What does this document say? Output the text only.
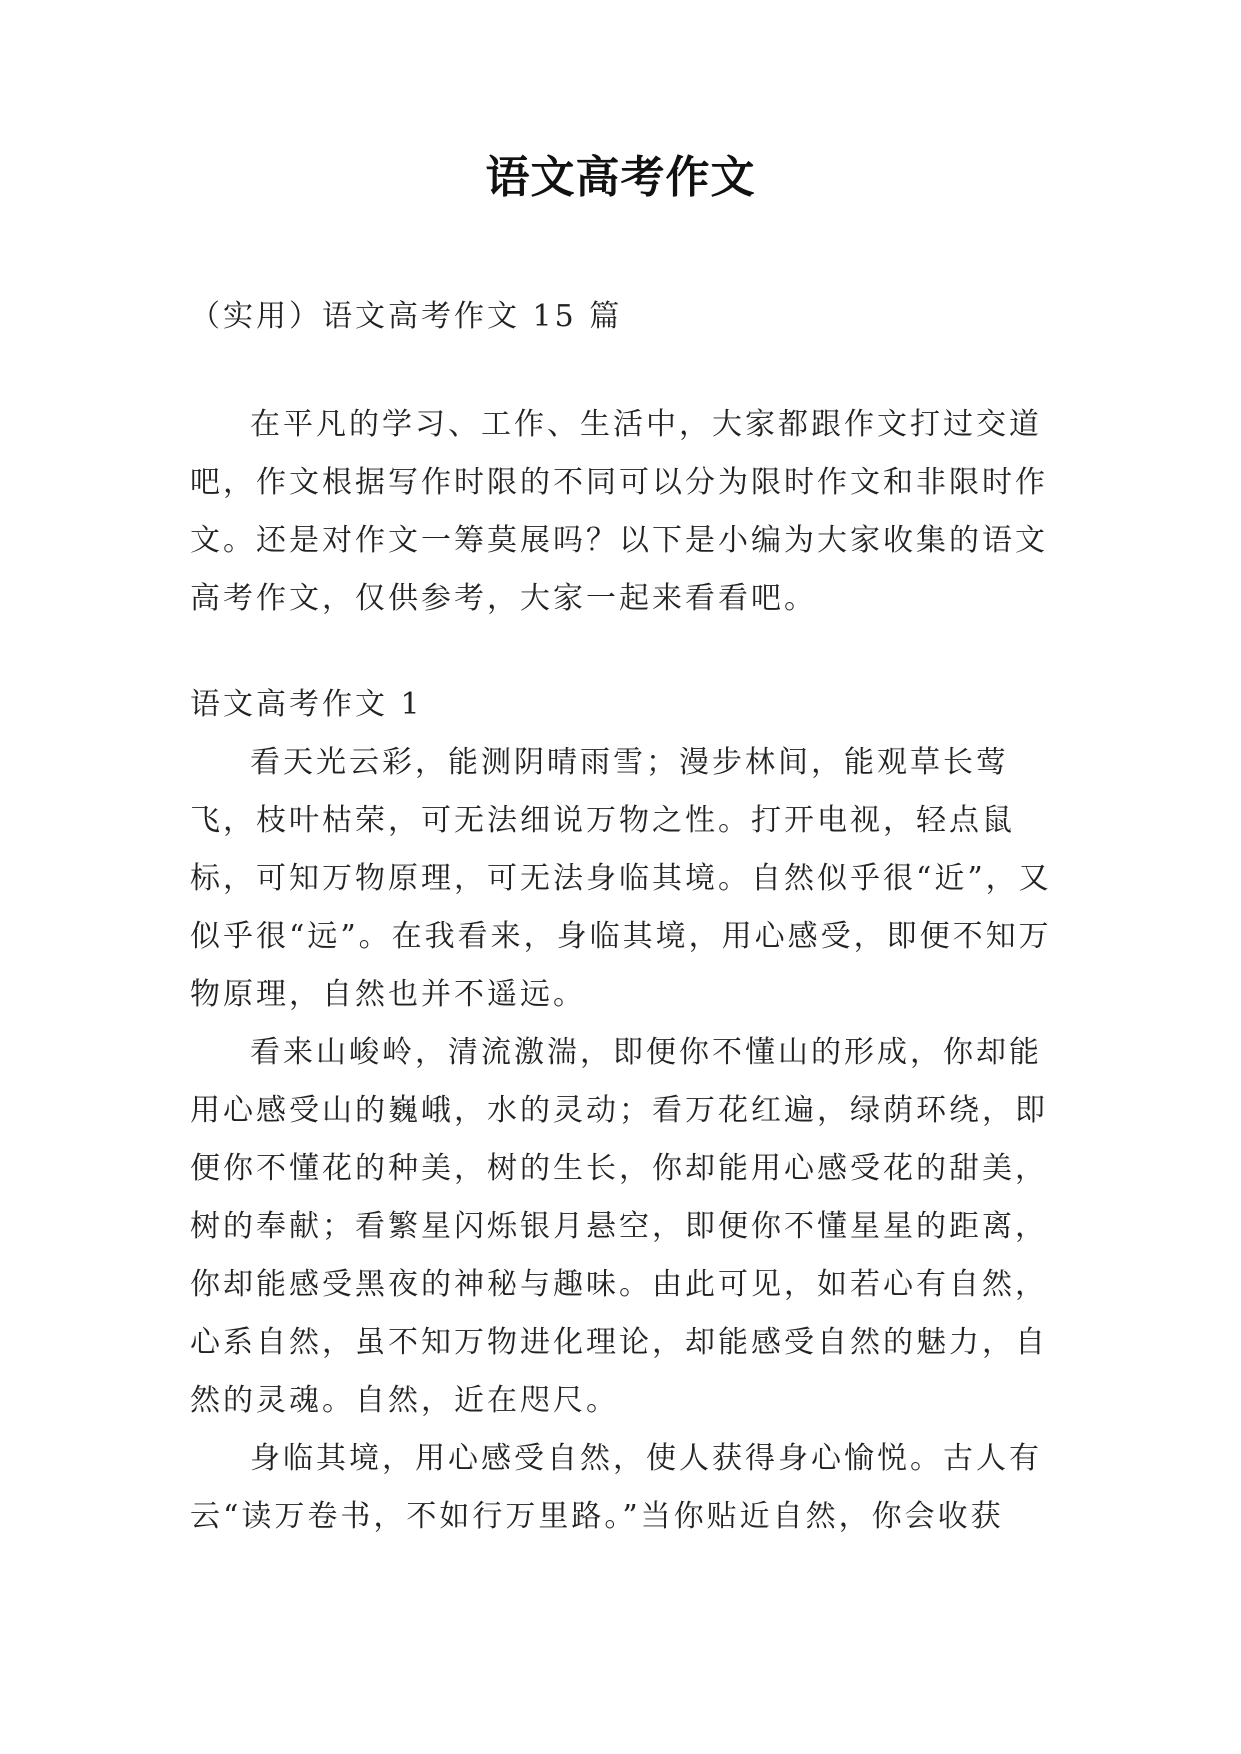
语文高考作文

（实用）语文高考作文 15 篇

在平凡的学习、工作、生活中，大家都跟作文打过交道吧，作文根据写作时限的不同可以分为限时作文和非限时作文。还是对作文一筹莫展吗？以下是小编为大家收集的语文高考作文，仅供参考，大家一起来看看吧。

语文高考作文 1

看天光云彩，能测阴晴雨雪；漫步林间，能观草长莺飞，枝叶枯荣，可无法细说万物之性。打开电视，轻点鼠标，可知万物原理，可无法身临其境。自然似乎很“近”，又似乎很“远”。在我看来，身临其境，用心感受，即便不知万物原理，自然也并不遥远。

看来山峻岭，清流激湍，即便你不懂山的形成，你却能用心感受山的巍峨，水的灵动；看万花红遍，绿荫环绕，即便你不懂花的种美，树的生长，你却能用心感受花的甜美，树的奉献；看繁星闪烁银月悬空，即便你不懂星星的距离，你却能感受黑夜的神秘与趣味。由此可见，如若心有自然，心系自然，虽不知万物进化理论，却能感受自然的魅力，自然的灵魂。自然，近在咫尺。

身临其境，用心感受自然，使人获得身心愉悦。古人有云“读万卷书，不如行万里路。”当你贴近自然，你会收获
